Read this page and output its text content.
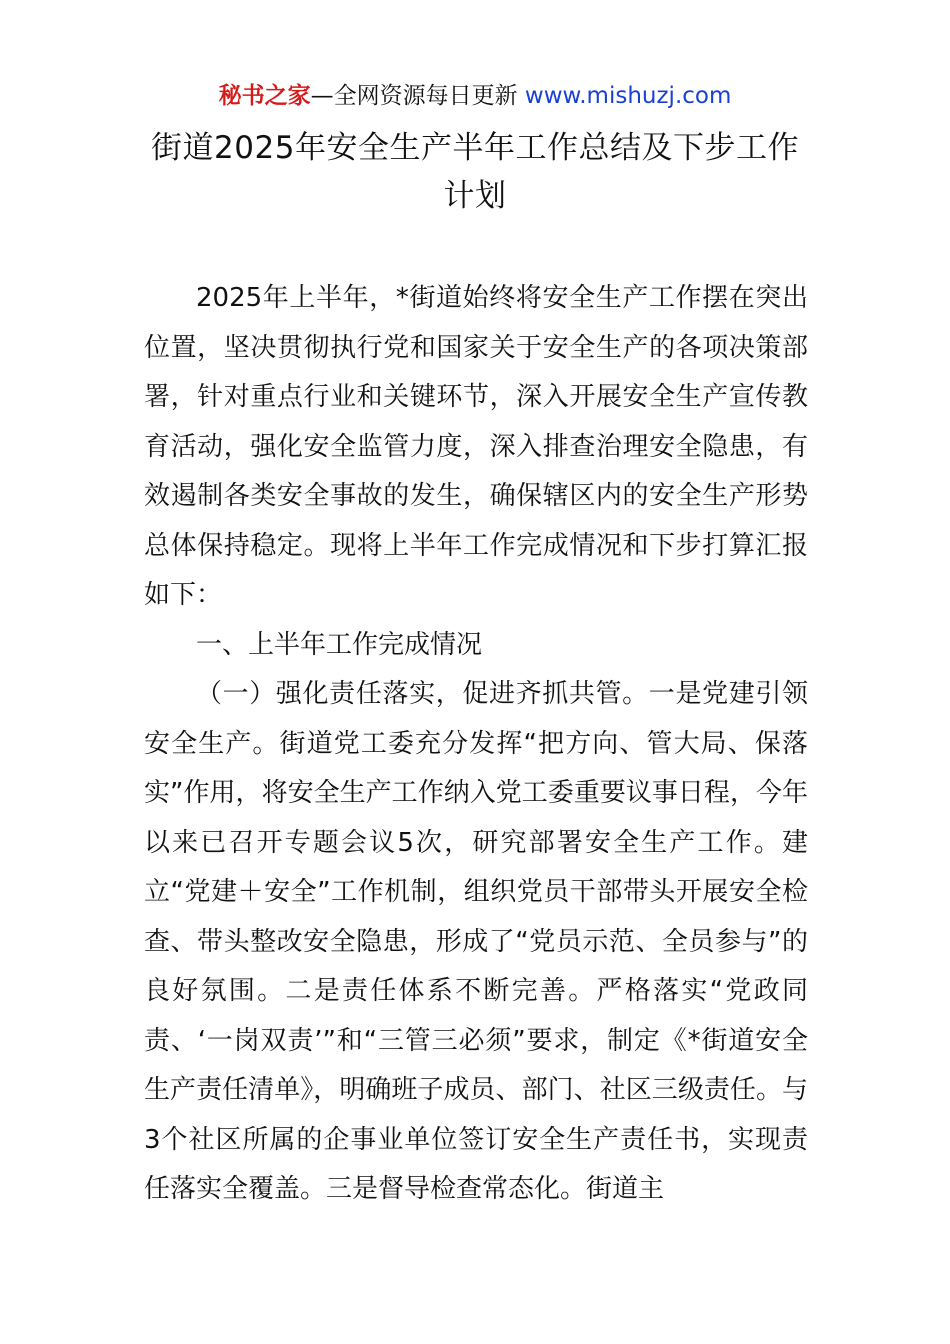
秘书之家—全网资源每日更新 www.mishuzj.com
街道2025年安全生产半年工作总结及下步工作计划

2025年上半年，*街道始终将安全生产工作摆在突出位置，坚决贯彻执行党和国家关于安全生产的各项决策部署，针对重点行业和关键环节，深入开展安全生产宣传教育活动，强化安全监管力度，深入排查治理安全隐患，有效遏制各类安全事故的发生，确保辖区内的安全生产形势总体保持稳定。现将上半年工作完成情况和下步打算汇报如下：

一、上半年工作完成情况

（一）强化责任落实，促进齐抓共管。一是党建引领安全生产。街道党工委充分发挥“把方向、管大局、保落实”作用，将安全生产工作纳入党工委重要议事日程，今年以来已召开专题会议5次，研究部署安全生产工作。建立“党建＋安全”工作机制，组织党员干部带头开展安全检查、带头整改安全隐患，形成了“党员示范、全员参与”的良好氛围。二是责任体系不断完善。严格落实“党政同责、‘一岗双责’”和“三管三必须”要求，制定《*街道安全生产责任清单》，明确班子成员、部门、社区三级责任。与3个社区所属的企事业单位签订安全生产责任书，实现责任落实全覆盖。三是督导检查常态化。街道主
